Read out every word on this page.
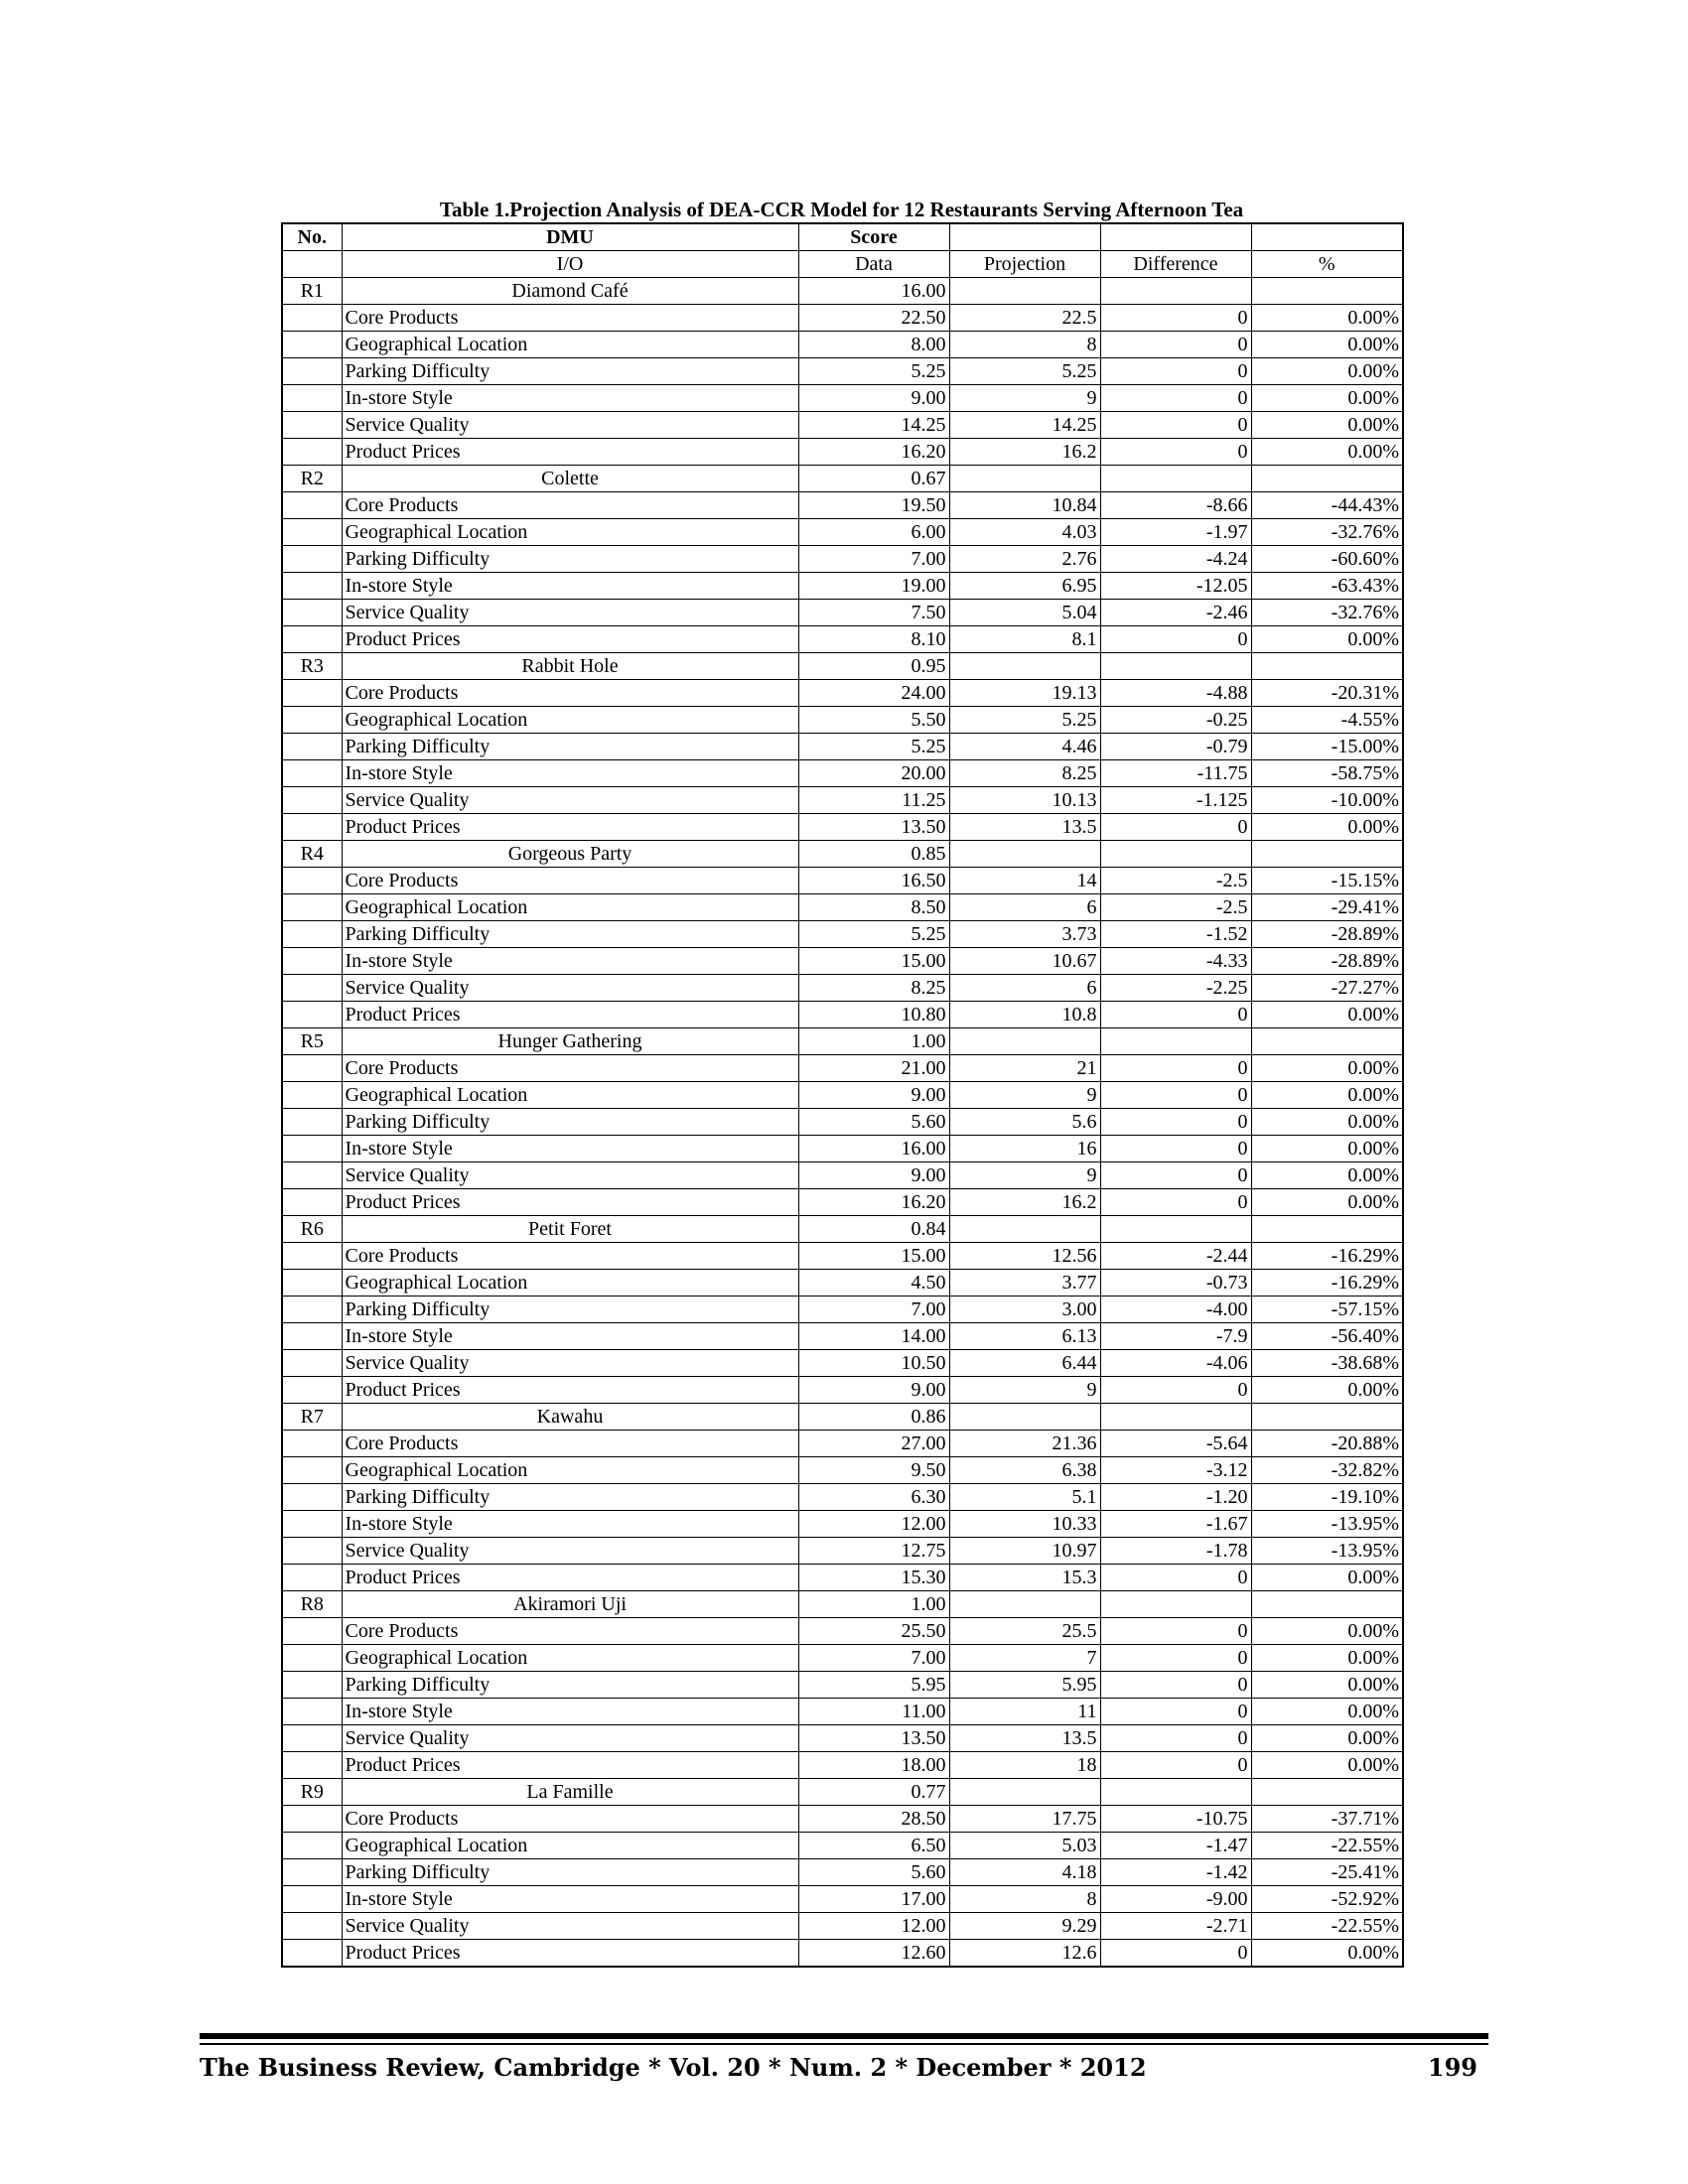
Table 1.Projection Analysis of DEA-CCR Model for 12 Restaurants Serving Afternoon Tea
No.	DMU	Score			
	I/O	Data	Projection	Difference	%
R1	Diamond Café	16.00			
	Core Products	22.50	22.5	0	0.00%
	Geographical Location	8.00	8	0	0.00%
	Parking Difficulty	5.25	5.25	0	0.00%
	In-store Style	9.00	9	0	0.00%
	Service Quality	14.25	14.25	0	0.00%
	Product Prices	16.20	16.2	0	0.00%
R2	Colette	0.67			
	Core Products	19.50	10.84	-8.66	-44.43%
	Geographical Location	6.00	4.03	-1.97	-32.76%
	Parking Difficulty	7.00	2.76	-4.24	-60.60%
	In-store Style	19.00	6.95	-12.05	-63.43%
	Service Quality	7.50	5.04	-2.46	-32.76%
	Product Prices	8.10	8.1	0	0.00%
R3	Rabbit Hole	0.95			
	Core Products	24.00	19.13	-4.88	-20.31%
	Geographical Location	5.50	5.25	-0.25	-4.55%
	Parking Difficulty	5.25	4.46	-0.79	-15.00%
	In-store Style	20.00	8.25	-11.75	-58.75%
	Service Quality	11.25	10.13	-1.125	-10.00%
	Product Prices	13.50	13.5	0	0.00%
R4	Gorgeous Party	0.85			
	Core Products	16.50	14	-2.5	-15.15%
	Geographical Location	8.50	6	-2.5	-29.41%
	Parking Difficulty	5.25	3.73	-1.52	-28.89%
	In-store Style	15.00	10.67	-4.33	-28.89%
	Service Quality	8.25	6	-2.25	-27.27%
	Product Prices	10.80	10.8	0	0.00%
R5	Hunger Gathering	1.00			
	Core Products	21.00	21	0	0.00%
	Geographical Location	9.00	9	0	0.00%
	Parking Difficulty	5.60	5.6	0	0.00%
	In-store Style	16.00	16	0	0.00%
	Service Quality	9.00	9	0	0.00%
	Product Prices	16.20	16.2	0	0.00%
R6	Petit Foret	0.84			
	Core Products	15.00	12.56	-2.44	-16.29%
	Geographical Location	4.50	3.77	-0.73	-16.29%
	Parking Difficulty	7.00	3.00	-4.00	-57.15%
	In-store Style	14.00	6.13	-7.9	-56.40%
	Service Quality	10.50	6.44	-4.06	-38.68%
	Product Prices	9.00	9	0	0.00%
R7	Kawahu	0.86			
	Core Products	27.00	21.36	-5.64	-20.88%
	Geographical Location	9.50	6.38	-3.12	-32.82%
	Parking Difficulty	6.30	5.1	-1.20	-19.10%
	In-store Style	12.00	10.33	-1.67	-13.95%
	Service Quality	12.75	10.97	-1.78	-13.95%
	Product Prices	15.30	15.3	0	0.00%
R8	Akiramori Uji	1.00			
	Core Products	25.50	25.5	0	0.00%
	Geographical Location	7.00	7	0	0.00%
	Parking Difficulty	5.95	5.95	0	0.00%
	In-store Style	11.00	11	0	0.00%
	Service Quality	13.50	13.5	0	0.00%
	Product Prices	18.00	18	0	0.00%
R9	La Famille	0.77			
	Core Products	28.50	17.75	-10.75	-37.71%
	Geographical Location	6.50	5.03	-1.47	-22.55%
	Parking Difficulty	5.60	4.18	-1.42	-25.41%
	In-store Style	17.00	8	-9.00	-52.92%
	Service Quality	12.00	9.29	-2.71	-22.55%
	Product Prices	12.60	12.6	0	0.00%
The Business Review, Cambridge * Vol. 20 * Num. 2 * December * 2012	199
